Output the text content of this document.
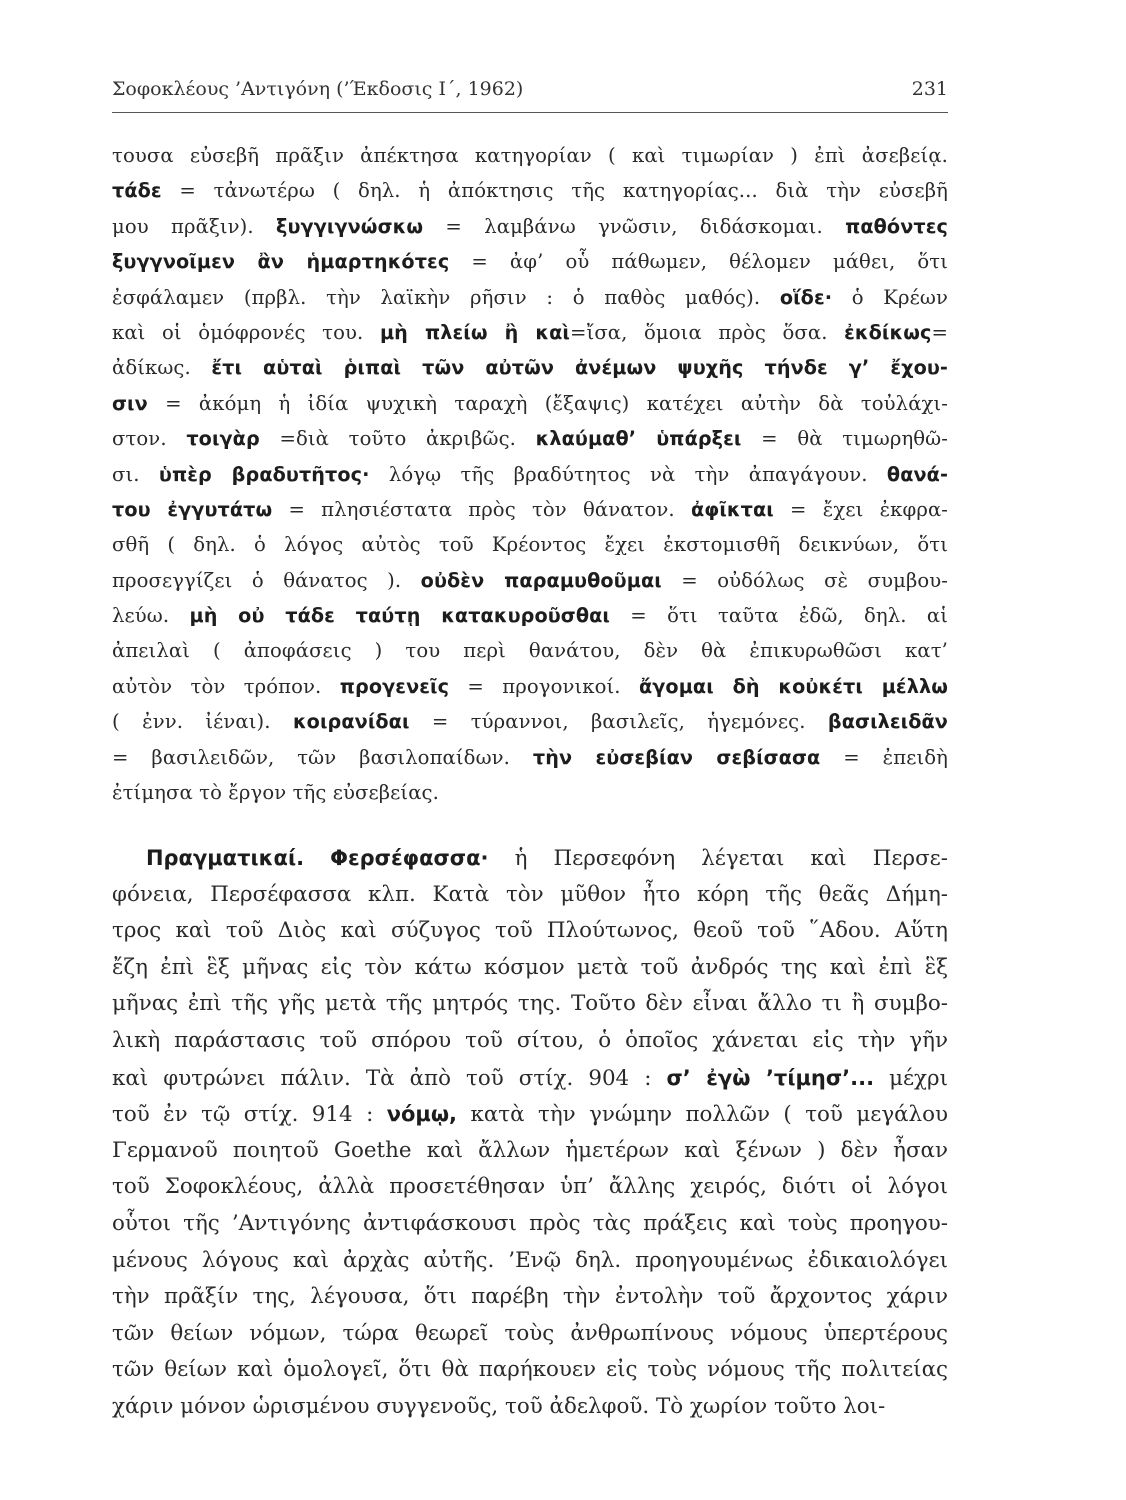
Σοφοκλέους ’Αντιγόνη (’Έκδοσις Ι΄, 1962)	231
τουσα εὐσεβῆ πρᾶξιν ἀπέκτησα κατηγορίαν ( καὶ τιμωρίαν ) ἐπὶ ἀσεβείᾳ.
τάδε = τἀνωτέρω ( δηλ. ἡ ἀπόκτησις τῆς κατηγορίας... διὰ τὴν εὐσεβῆ
μου πρᾶξιν). ξυγγιγνώσκω = λαμβάνω γνῶσιν, διδάσκομαι. παθόντες
ξυγγνοῖμεν ἂν ἡμαρτηκότες = ἀφ’ οὗ πάθωμεν, θέλομεν μάθει, ὅτι
ἐσφάλαμεν (πρβλ. τὴν λαϊκὴν ρῆσιν : ὁ παθὸς μαθός). οἵδε· ὁ Κρέων
καὶ οἱ ὁμόφρονές του. μὴ πλείω ἢ καὶ=ἴσα, ὅμοια πρὸς ὅσα. ἐκδίκως=
ἀδίκως. ἔτι αὑταὶ ῥιπαὶ τῶν αὐτῶν ἀνέμων ψυχῆς τήνδε γ’ ἔχου-
σιν = ἀκόμη ἡ ἰδία ψυχικὴ ταραχὴ (ἔξαψις) κατέχει αὐτὴν δὰ τοὐλάχι-
στον. τοιγὰρ =διὰ τοῦτο ἀκριβῶς. κλαύμαθ’ ὑπάρξει = θὰ τιμωρηθῶ-
σι. ὑπὲρ βραδυτῆτος· λόγῳ τῆς βραδύτητος νὰ τὴν ἀπαγάγουν. θανά-
του ἐγγυτάτω = πλησιέστατα πρὸς τὸν θάνατον. ἀφῖκται = ἔχει ἐκφρα-
σθῆ ( δηλ. ὁ λόγος αὐτὸς τοῦ Κρέοντος ἔχει ἐκστομισθῆ δεικνύων, ὅτι
προσεγγίζει ὁ θάνατος ). οὐδὲν παραμυθοῦμαι = οὐδόλως σὲ συμβου-
λεύω. μὴ οὐ τάδε ταύτῃ κατακυροῦσθαι = ὅτι ταῦτα ἐδῶ, δηλ. αἱ
ἀπειλαὶ ( ἀποφάσεις ) του περὶ θανάτου, δὲν θὰ ἐπικυρωθῶσι κατ’
αὐτὸν τὸν τρόπον. προγενεῖς = προγονικοί. ἄγομαι δὴ κοὐκέτι μέλλω
( ἐνν. ἰέναι). κοιρανίδαι = τύραννοι, βασιλεῖς, ἡγεμόνες. βασιλειδᾶν
= βασιλειδῶν, τῶν βασιλοπαίδων. τὴν εὐσεβίαν σεβίσασα = ἐπειδὴ
ἐτίμησα τὸ ἔργον τῆς εὐσεβείας.
Πραγματικαί. Φερσέφασσα· ἡ Περσεφόνη λέγεται καὶ Περσε-
φόνεια, Περσέφασσα κλπ. Κατὰ τὸν μῦθον ἦτο κόρη τῆς θεᾶς Δήμη-
τρος καὶ τοῦ Διὸς καὶ σύζυγος τοῦ Πλούτωνος, θεοῦ τοῦ ῞Αδου. Αὕτη
ἔζη ἐπὶ ἓξ μῆνας εἰς τὸν κάτω κόσμον μετὰ τοῦ ἀνδρός της καὶ ἐπὶ ἓξ
μῆνας ἐπὶ τῆς γῆς μετὰ τῆς μητρός της. Τοῦτο δὲν εἶναι ἄλλο τι ἢ συμβο-
λικὴ παράστασις τοῦ σπόρου τοῦ σίτου, ὁ ὁποῖος χάνεται εἰς τὴν γῆν
καὶ φυτρώνει πάλιν. Τὰ ἀπὸ τοῦ στίχ. 904 : σ’ ἐγὼ ’τίμησ’... μέχρι
τοῦ ἐν τῷ στίχ. 914 : νόμῳ, κατὰ τὴν γνώμην πολλῶν ( τοῦ μεγάλου
Γερμανοῦ ποιητοῦ Goethe καὶ ἄλλων ἡμετέρων καὶ ξένων ) δὲν ἦσαν
τοῦ Σοφοκλέους, ἀλλὰ προσετέθησαν ὑπ’ ἄλλης χειρός, διότι οἱ λόγοι
οὗτοι τῆς ’Αντιγόνης ἀντιφάσκουσι πρὸς τὰς πράξεις καὶ τοὺς προηγου-
μένους λόγους καὶ ἀρχὰς αὐτῆς. ’Ενῷ δηλ. προηγουμένως ἐδικαιολόγει
τὴν πρᾶξίν της, λέγουσα, ὅτι παρέβη τὴν ἐντολὴν τοῦ ἄρχοντος χάριν
τῶν θείων νόμων, τώρα θεωρεῖ τοὺς ἀνθρωπίνους νόμους ὑπερτέρους
τῶν θείων καὶ ὁμολογεῖ, ὅτι θὰ παρήκουεν εἰς τοὺς νόμους τῆς πολιτείας
χάριν μόνον ὡρισμένου συγγενοῦς, τοῦ ἀδελφοῦ. Τὸ χωρίον τοῦτο λοι-
